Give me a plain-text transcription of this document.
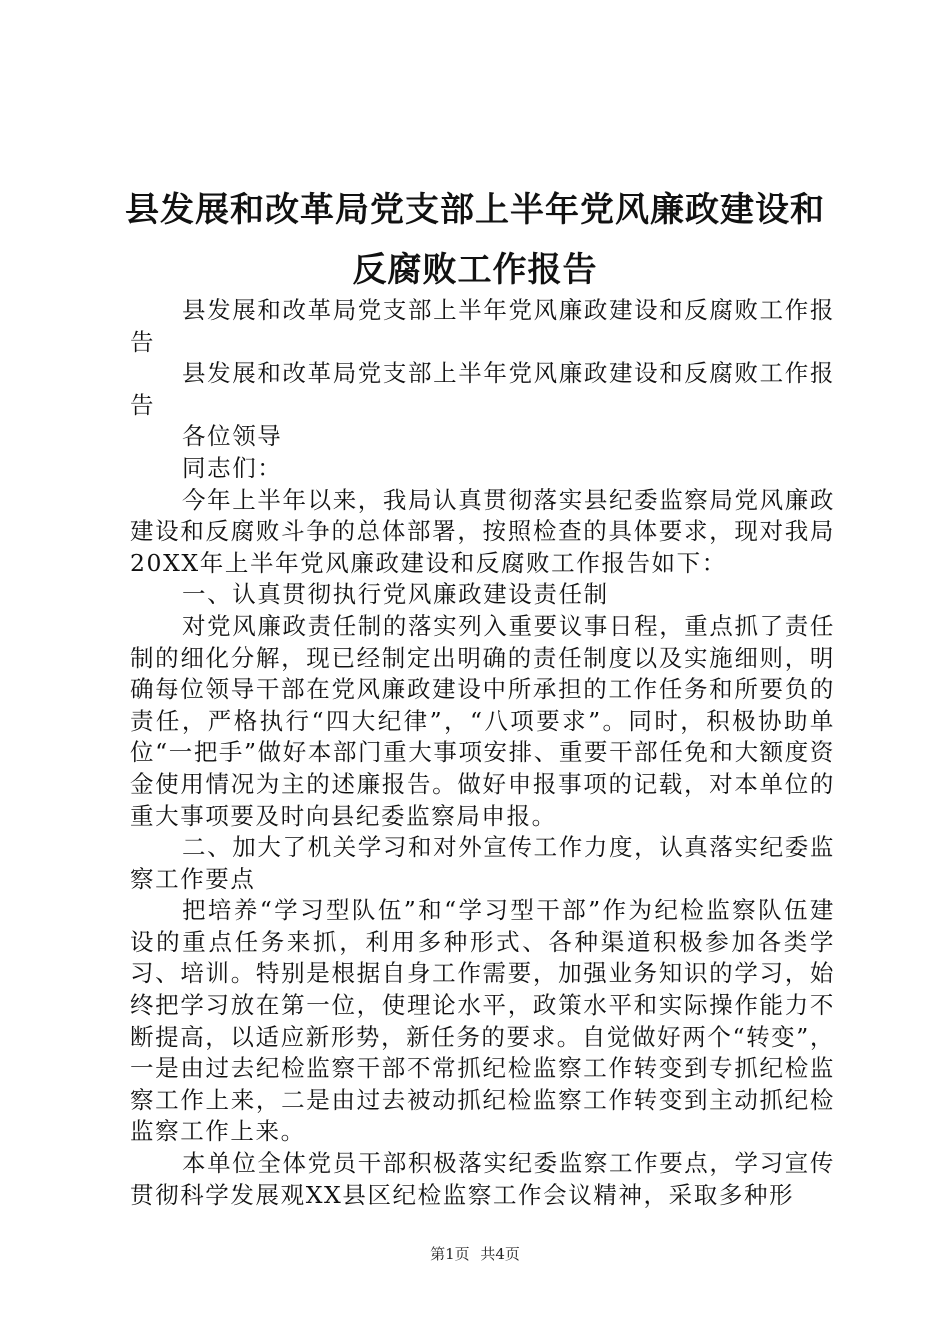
县发展和改革局党支部上半年党风廉政建设和
反腐败工作报告

县发展和改革局党支部上半年党风廉政建设和反腐败工作报告

县发展和改革局党支部上半年党风廉政建设和反腐败工作报告

各位领导

同志们：

今年上半年以来，我局认真贯彻落实县纪委监察局党风廉政建设和反腐败斗争的总体部署，按照检查的具体要求，现对我局20XX年上半年党风廉政建设和反腐败工作报告如下：

一、认真贯彻执行党风廉政建设责任制

对党风廉政责任制的落实列入重要议事日程，重点抓了责任制的细化分解，现已经制定出明确的责任制度以及实施细则，明确每位领导干部在党风廉政建设中所承担的工作任务和所要负的责任，严格执行“四大纪律”，“八项要求”。同时，积极协助单位“一把手”做好本部门重大事项安排、重要干部任免和大额度资金使用情况为主的述廉报告。做好申报事项的记载，对本单位的重大事项要及时向县纪委监察局申报。

二、加大了机关学习和对外宣传工作力度，认真落实纪委监察工作要点

把培养“学习型队伍”和“学习型干部”作为纪检监察队伍建设的重点任务来抓，利用多种形式、各种渠道积极参加各类学习、培训。特别是根据自身工作需要，加强业务知识的学习，始终把学习放在第一位，使理论水平，政策水平和实际操作能力不断提高，以适应新形势，新任务的要求。自觉做好两个“转变”，一是由过去纪检监察干部不常抓纪检监察工作转变到专抓纪检监察工作上来，二是由过去被动抓纪检监察工作转变到主动抓纪检监察工作上来。

本单位全体党员干部积极落实纪委监察工作要点，学习宣传贯彻科学发展观XX县区纪检监察工作会议精神，采取多种形

第1页 共4页
